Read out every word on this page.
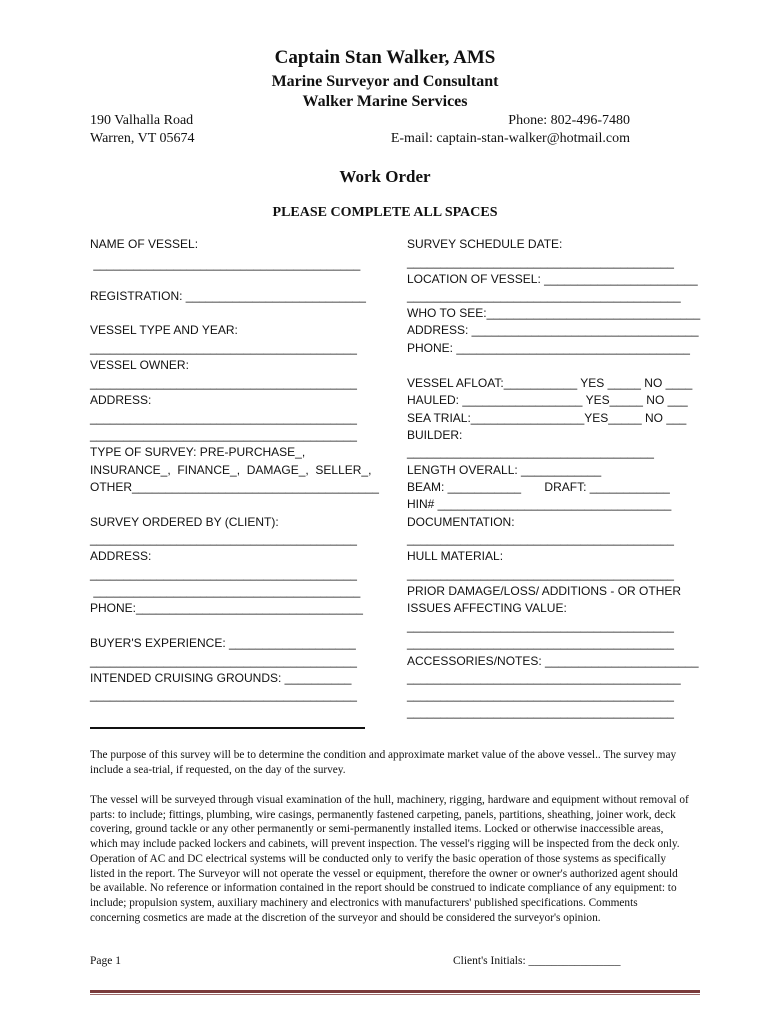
Captain Stan Walker, AMS
Marine Surveyor and Consultant
Walker Marine Services
190 Valhalla Road
Warren, VT 05674
Phone: 802-496-7480
E-mail: captain-stan-walker@hotmail.com
Work Order
PLEASE COMPLETE ALL SPACES
NAME OF VESSEL:
________________________________________
REGISTRATION: ___________________________
VESSEL TYPE AND YEAR:
________________________________________
VESSEL OWNER:
________________________________________
ADDRESS:
________________________________________
________________________________________
TYPE OF SURVEY: PRE-PURCHASE_,
INSURANCE_,  FINANCE_,  DAMAGE_,  SELLER_,
OTHER_____________________________________
SURVEY ORDERED BY (CLIENT):
________________________________________
ADDRESS:
________________________________________
________________________________________
PHONE:__________________________________
BUYER'S EXPERIENCE: ___________________
________________________________________
INTENDED CRUISING GROUNDS: __________
________________________________________
SURVEY SCHEDULE DATE:
________________________________________
LOCATION OF VESSEL: _______________________
_________________________________________
WHO TO SEE:________________________________
ADDRESS: __________________________________
PHONE: ___________________________________
VESSEL AFLOAT:___________ YES _____ NO ____
HAULED: __________________ YES_____ NO ___
SEA TRIAL:_________________YES_____ NO ___
BUILDER:
_____________________________________
LENGTH OVERALL: ____________
BEAM: ___________       DRAFT: ____________
HIN# ___________________________________
DOCUMENTATION:
________________________________________
HULL MATERIAL:
________________________________________
PRIOR DAMAGE/LOSS/ ADDITIONS - OR OTHER
ISSUES AFFECTING VALUE:
________________________________________
________________________________________
ACCESSORIES/NOTES: _______________________
_________________________________________
________________________________________
________________________________________
The purpose of this survey will be to determine the condition and approximate market value of the above vessel.. The survey may include a sea-trial, if requested, on the day of the survey.
The vessel will be surveyed through visual examination of the hull, machinery, rigging, hardware and equipment without removal of parts: to include; fittings, plumbing, wire casings, permanently fastened carpeting, panels, partitions, sheathing, joiner work, deck covering, ground tackle or any other permanently or semi-permanently installed items. Locked or otherwise inaccessible areas, which may include packed lockers and cabinets, will prevent inspection. The vessel's rigging will be inspected from the deck only. Operation of AC and DC electrical systems will be conducted only to verify the basic operation of those systems as specifically listed in the report. The Surveyor will not operate the vessel or equipment, therefore the owner or owner's authorized agent should be available. No reference or information contained in the report should be construed to indicate compliance of any equipment: to include; propulsion system, auxiliary machinery and electronics with manufacturers' published specifications. Comments concerning cosmetics are made at the discretion of the surveyor and should be considered the surveyor's opinion.
Page 1	Client's Initials: ________________
